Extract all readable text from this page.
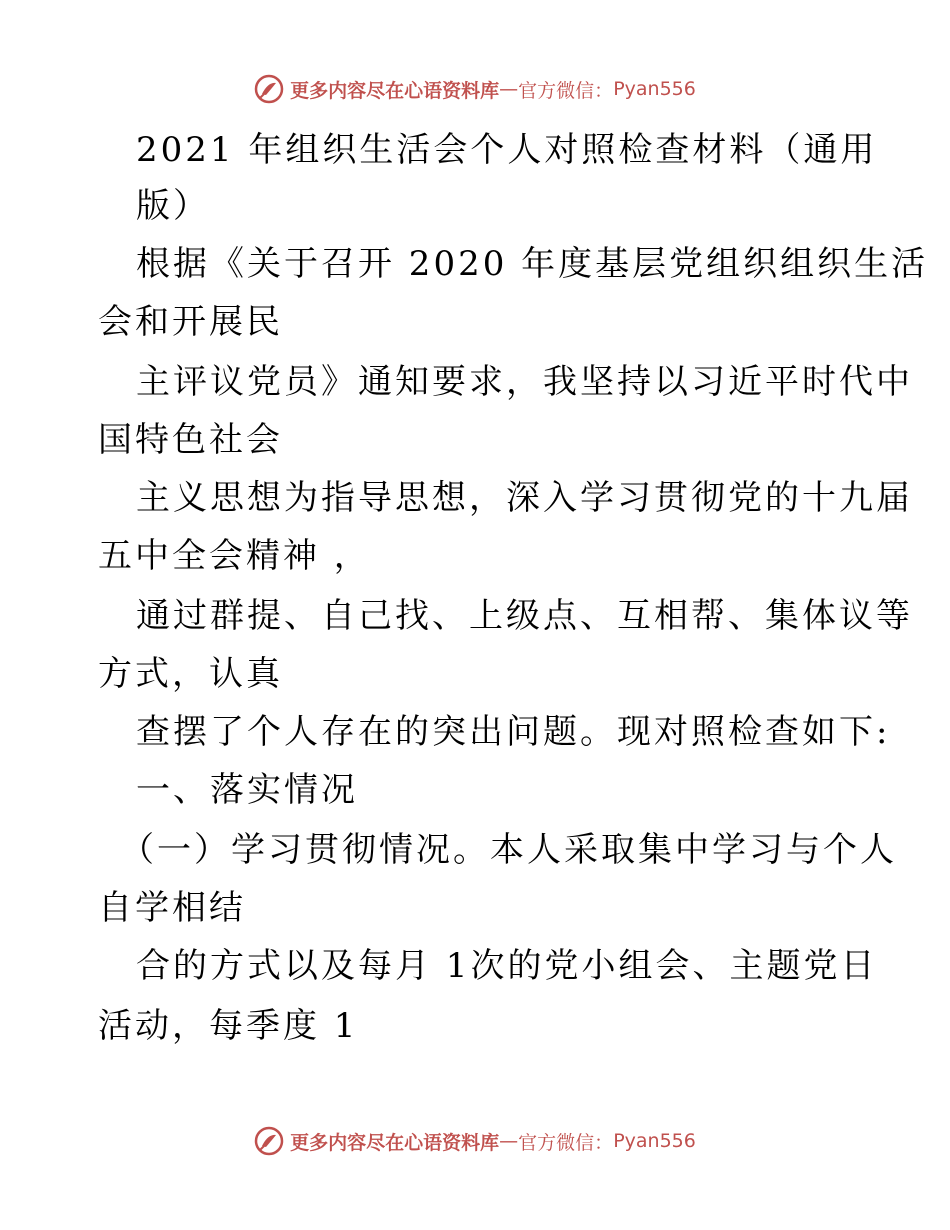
更多内容尽在心语资料库 — 官方微信： Pyan556
2021 年组织生活会个人对照检查材料（通用
版）
根据《关于召开 2020 年度基层党组织组织生活
会和开展民
主评议党员》通知要求，我坚持以习近平时代中
国特色社会
主义思想为指导思想，深入学习贯彻党的十九届
五中全会精神 ，
通过群提、自己找、上级点、互相帮、集体议等
方式，认真
查摆了个人存在的突出问题。现对照检查如下:
一、落实情况
（一）学习贯彻情况。本人采取集中学习与个人
自学相结
合的方式以及每月 1次的党小组会、主题党日
活动，每季度 1
更多内容尽在心语资料库 — 官方微信： Pyan556
